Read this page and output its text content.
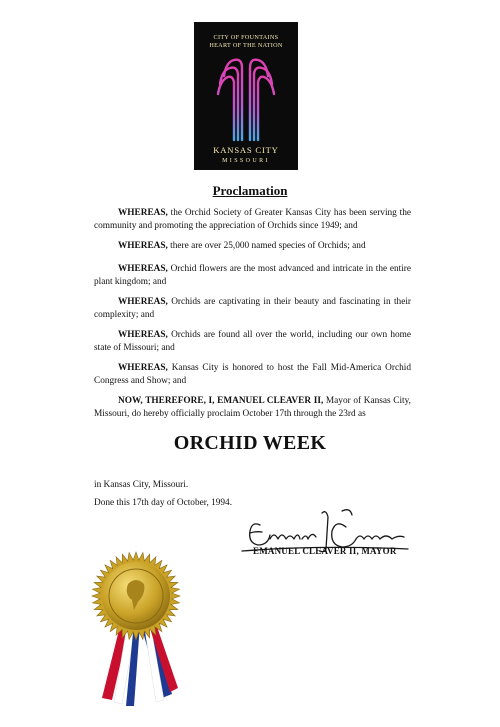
CITY OF FOUNTAINS
HEART OF THE NATION
KANSAS CITY
MISSOURI
Proclamation
WHEREAS, the Orchid Society of Greater Kansas City has been serving the community and promoting the appreciation of Orchids since 1949; and
WHEREAS, there are over 25,000 named species of Orchids; and
WHEREAS, Orchid flowers are the most advanced and intricate in the entire plant kingdom; and
WHEREAS, Orchids are captivating in their beauty and fascinating in their complexity; and
WHEREAS, Orchids are found all over the world, including our own home state of Missouri; and
WHEREAS, Kansas City is honored to host the Fall Mid-America Orchid Congress and Show; and
NOW, THEREFORE, I, EMANUEL CLEAVER II, Mayor of Kansas City, Missouri, do hereby officially proclaim October 17th through the 23rd as
ORCHID WEEK
in Kansas City, Missouri.
Done this 17th day of October, 1994.
EMANUEL CLEAVER II, MAYOR
